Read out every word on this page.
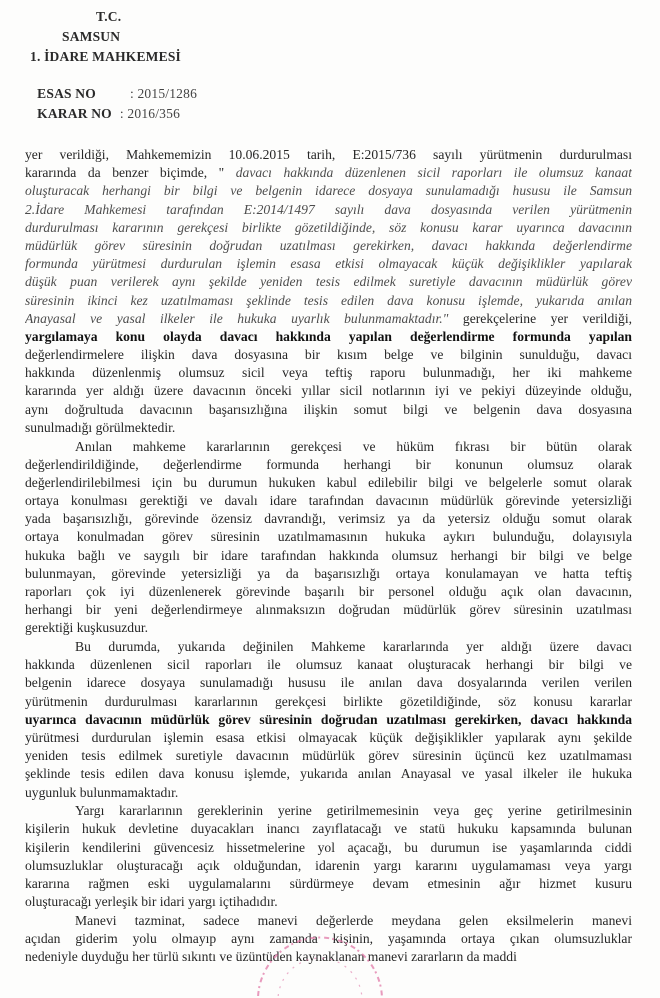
T.C.
SAMSUN
1. İDARE MAHKEMESİ

ESAS NO	: 2015/1286

KARAR NO : 2016/356

yer verildiği, Mahkememizin 10.06.2015 tarih, E:2015/736 sayılı yürütmenin durdurulması
kararında da benzer biçimde, " davacı hakkında düzenlenen sicil raporları ile olumsuz kanaat
oluşturacak herhangi bir bilgi ve belgenin idarece dosyaya sunulamadığı hususu ile Samsun
2.İdare Mahkemesi tarafından E:2014/1497 sayılı dava dosyasında verilen yürütmenin
durdurulması kararının gerekçesi birlikte gözetildiğinde, söz konusu karar uyarınca davacının
müdürlük görev süresinin doğrudan uzatılması gerekirken, davacı hakkında değerlendirme
formunda yürütmesi durdurulan işlemin esasa etkisi olmayacak küçük değişiklikler yapılarak
düşük puan verilerek aynı şekilde yeniden tesis edilmek suretiyle davacının müdürlük görev
süresinin ikinci kez uzatılmaması şeklinde tesis edilen dava konusu işlemde, yukarıda anılan
Anayasal ve yasal ilkeler ile hukuka uyarlık bulunmamaktadır." gerekçelerine yer verildiği,
yargılamaya konu olayda davacı hakkında yapılan değerlendirme formunda yapılan
değerlendirmelere ilişkin dava dosyasına bir kısım belge ve bilginin sunulduğu, davacı
hakkında düzenlenmiş olumsuz sicil veya teftiş raporu bulunmadığı, her iki mahkeme
kararında yer aldığı üzere davacının önceki yıllar sicil notlarının iyi ve pekiyi düzeyinde olduğu,
aynı doğrultuda davacının başarısızlığına ilişkin somut bilgi ve belgenin dava dosyasına
sunulmadığı görülmektedir.
Anılan mahkeme kararlarının gerekçesi ve hüküm fıkrası bir bütün olarak
değerlendirildiğinde, değerlendirme formunda herhangi bir konunun olumsuz olarak
değerlendirilebilmesi için bu durumun hukuken kabul edilebilir bilgi ve belgelerle somut olarak
ortaya konulması gerektiği ve davalı idare tarafından davacının müdürlük görevinde yetersizliği
yada başarısızlığı, görevinde özensiz davrandığı, verimsiz ya da yetersiz olduğu somut olarak
ortaya konulmadan görev süresinin uzatılmamasının hukuka aykırı bulunduğu, dolayısıyla
hukuka bağlı ve saygılı bir idare tarafından hakkında olumsuz herhangi bir bilgi ve belge
bulunmayan, görevinde yetersizliği ya da başarısızlığı ortaya konulamayan ve hatta teftiş
raporları çok iyi düzenlenerek görevinde başarılı bir personel olduğu açık olan davacının,
herhangi bir yeni değerlendirmeye alınmaksızın doğrudan müdürlük görev süresinin uzatılması
gerektiği kuşkusuzdur.
Bu durumda, yukarıda değinilen Mahkeme kararlarında yer aldığı üzere davacı
hakkında düzenlenen sicil raporları ile olumsuz kanaat oluşturacak herhangi bir bilgi ve
belgenin idarece dosyaya sunulamadığı hususu ile anılan dava dosyalarında verilen verilen
yürütmenin durdurulması kararlarının gerekçesi birlikte gözetildiğinde, söz konusu kararlar
uyarınca davacının müdürlük görev süresinin doğrudan uzatılması gerekirken, davacı hakkında
yürütmesi durdurulan işlemin esasa etkisi olmayacak küçük değişiklikler yapılarak aynı şekilde
yeniden tesis edilmek suretiyle davacının müdürlük görev süresinin üçüncü kez uzatılmaması
şeklinde tesis edilen dava konusu işlemde, yukarıda anılan Anayasal ve yasal ilkeler ile hukuka
uygunluk bulunmamaktadır.
Yargı kararlarının gereklerinin yerine getirilmemesinin veya geç yerine getirilmesinin
kişilerin hukuk devletine duyacakları inancı zayıflatacağı ve statü hukuku kapsamında bulunan
kişilerin kendilerini güvencesiz hissetmelerine yol açacağı, bu durumun ise yaşamlarında ciddi
olumsuzluklar oluşturacağı açık olduğundan, idarenin yargı kararını uygulamaması veya yargı
kararına rağmen eski uygulamalarını sürdürmeye devam etmesinin ağır hizmet kusuru
oluşturacağı yerleşik bir idari yargı içtihadıdır.
Manevi tazminat, sadece manevi değerlerde meydana gelen eksilmelerin manevi
açıdan giderim yolu olmayıp aynı zamanda kişinin, yaşamında ortaya çıkan olumsuzluklar
nedeniyle duyduğu her türlü sıkıntı ve üzüntüden kaynaklanan manevi zararların da maddi
